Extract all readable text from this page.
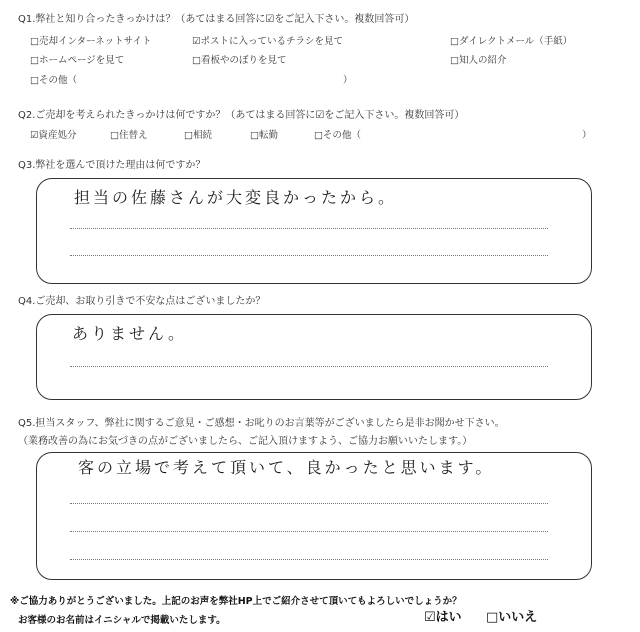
Q1.弊社と知り合ったきっかけは？（あてはまる回答に☑をご記入下さい。複数回答可）
□売却インターネットサイト	☑ポストに入っているチラシを見て	□ダイレクトメール（手紙）
□ホームページを見て	□看板やのぼりを見て	□知人の紹介
□その他（	）
Q2.ご売却を考えられたきっかけは何ですか？（あてはまる回答に☑をご記入下さい。複数回答可）
☑資産処分	□住替え	□相続	□転勤	□その他（	）
Q3.弊社を選んで頂けた理由は何ですか？
担当の佐藤さんが大変良かったから。
Q4.ご売却、お取り引きで不安な点はございましたか？
ありません。
Q5.担当スタッフ、弊社に関するご意見・ご感想・お叱りのお言葉等がございましたら是非お聞かせ下さい。
（業務改善の為にお気づきの点がございましたら、ご記入頂けますよう、ご協力お願いいたします。）
客の立場で考えて頂いて、良かったと思います。
※ご協力ありがとうございました。上記のお声を弊社HP上でご紹介させて頂いてもよろしいでしょうか？
お客様のお名前はイニシャルで掲載いたします。	☑はい □いいえ
